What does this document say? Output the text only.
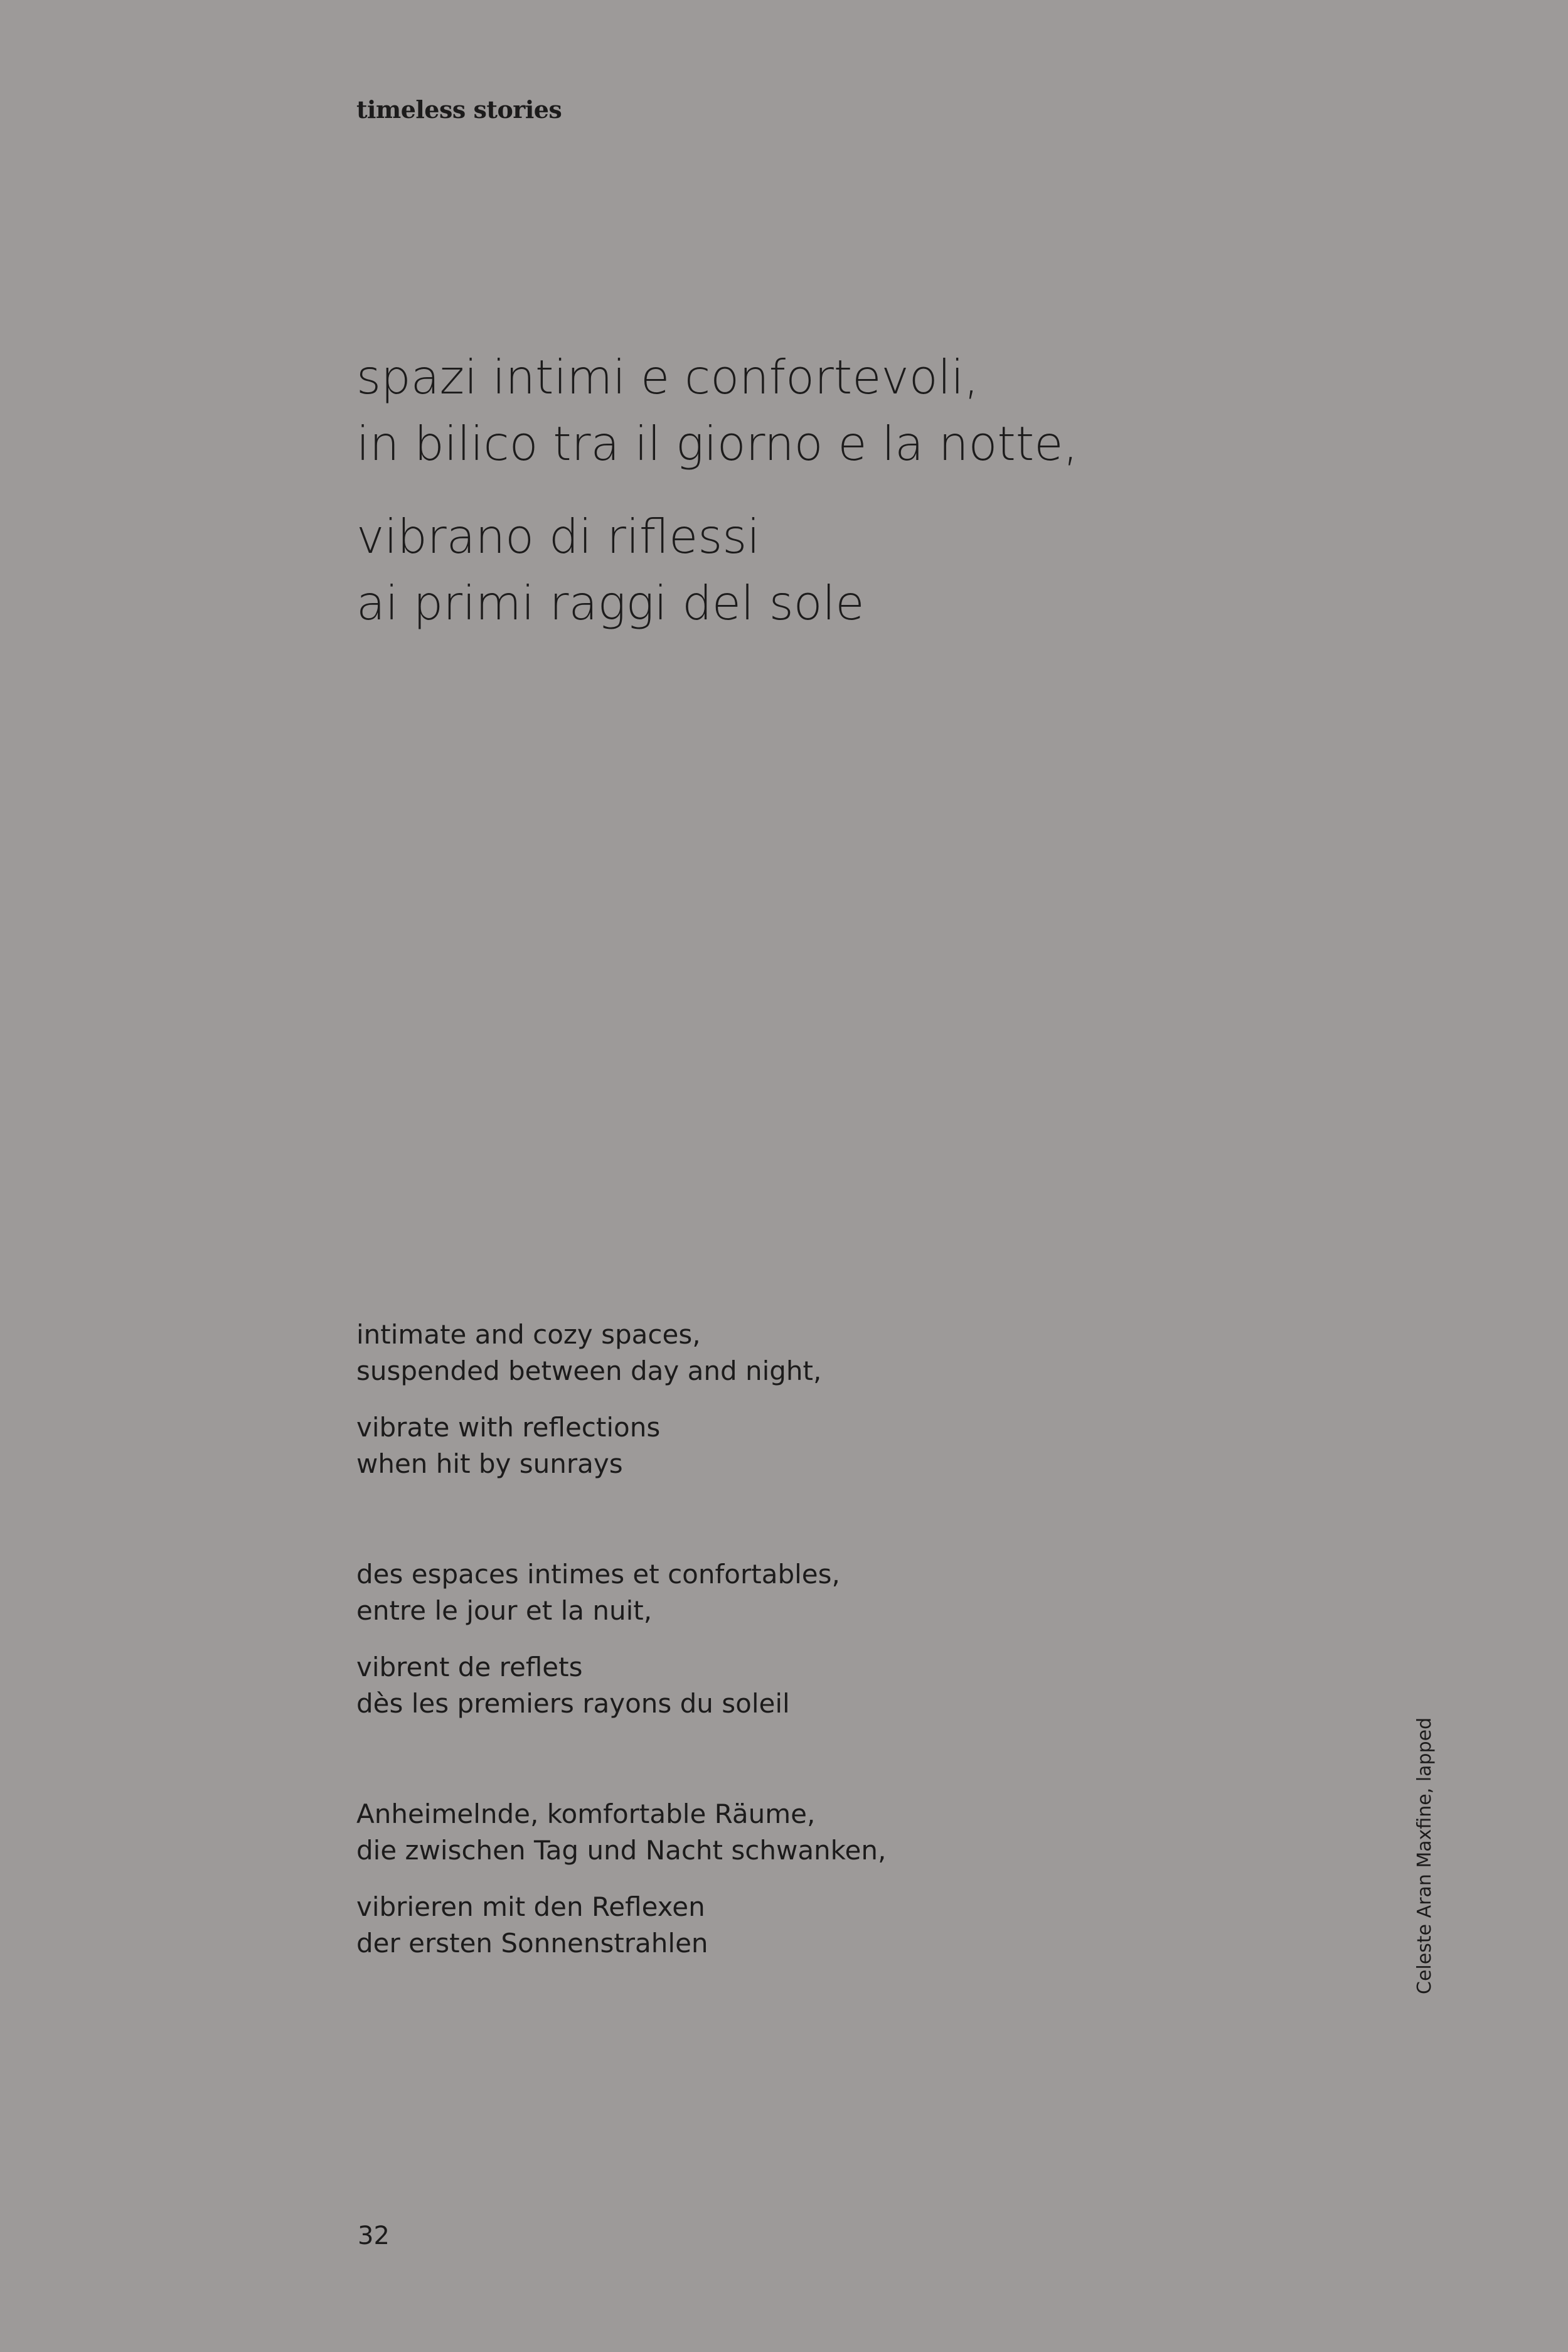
timeless stories

spazi intimi e confortevoli,
in bilico tra il giorno e la notte,

vibrano di riflessi
ai primi raggi del sole

intimate and cozy spaces,
suspended between day and night,

vibrate with reflections
when hit by sunrays

des espaces intimes et confortables,
entre le jour et la nuit,

vibrent de reflets
dès les premiers rayons du soleil

Anheimelnde, komfortable Räume,
die zwischen Tag und Nacht schwanken,

vibrieren mit den Reflexen
der ersten Sonnenstrahlen	Celeste Aran Maxfine, lapped
32
